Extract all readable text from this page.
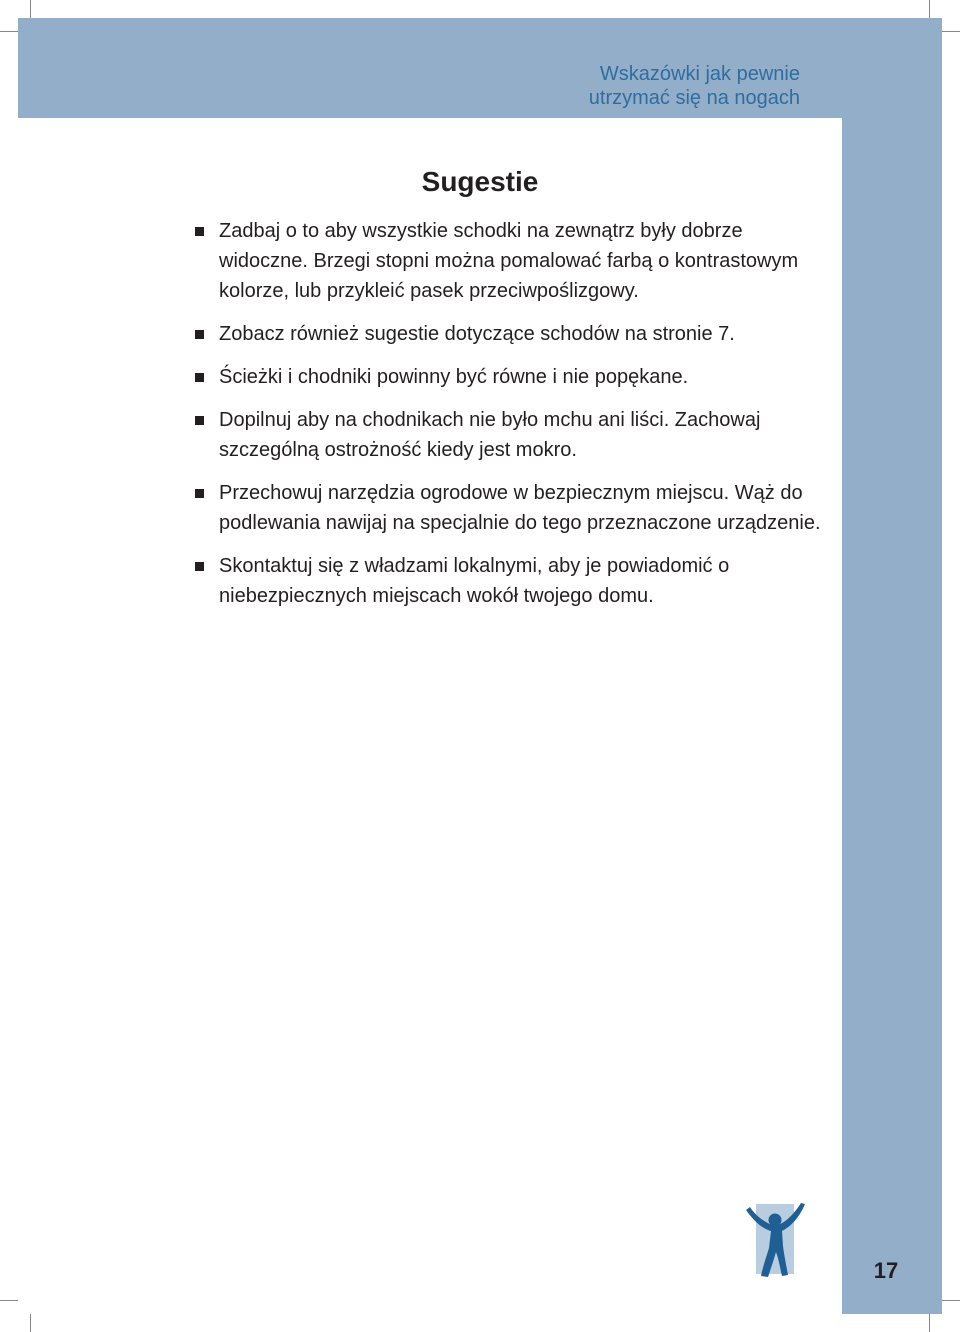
Wskazówki jak pewnie
utrzymać się na nogach
Sugestie
Zadbaj o to aby wszystkie schodki na zewnątrz były dobrze widoczne. Brzegi stopni można pomalować farbą o kontrastowym kolorze, lub przykleić pasek przeciwpoślizgowy.
Zobacz również sugestie dotyczące schodów na stronie 7.
Ścieżki i chodniki powinny być równe i nie popękane.
Dopilnuj aby na chodnikach nie było mchu ani liści. Zachowaj szczególną ostrożność kiedy jest mokro.
Przechowuj narzędzia ogrodowe w bezpiecznym miejscu. Wąż do podlewania nawijaj na specjalnie do tego przeznaczone urządzenie.
Skontaktuj się z władzami lokalnymi, aby je powiadomić o niebezpiecznych miejscach wokół twojego domu.
17
